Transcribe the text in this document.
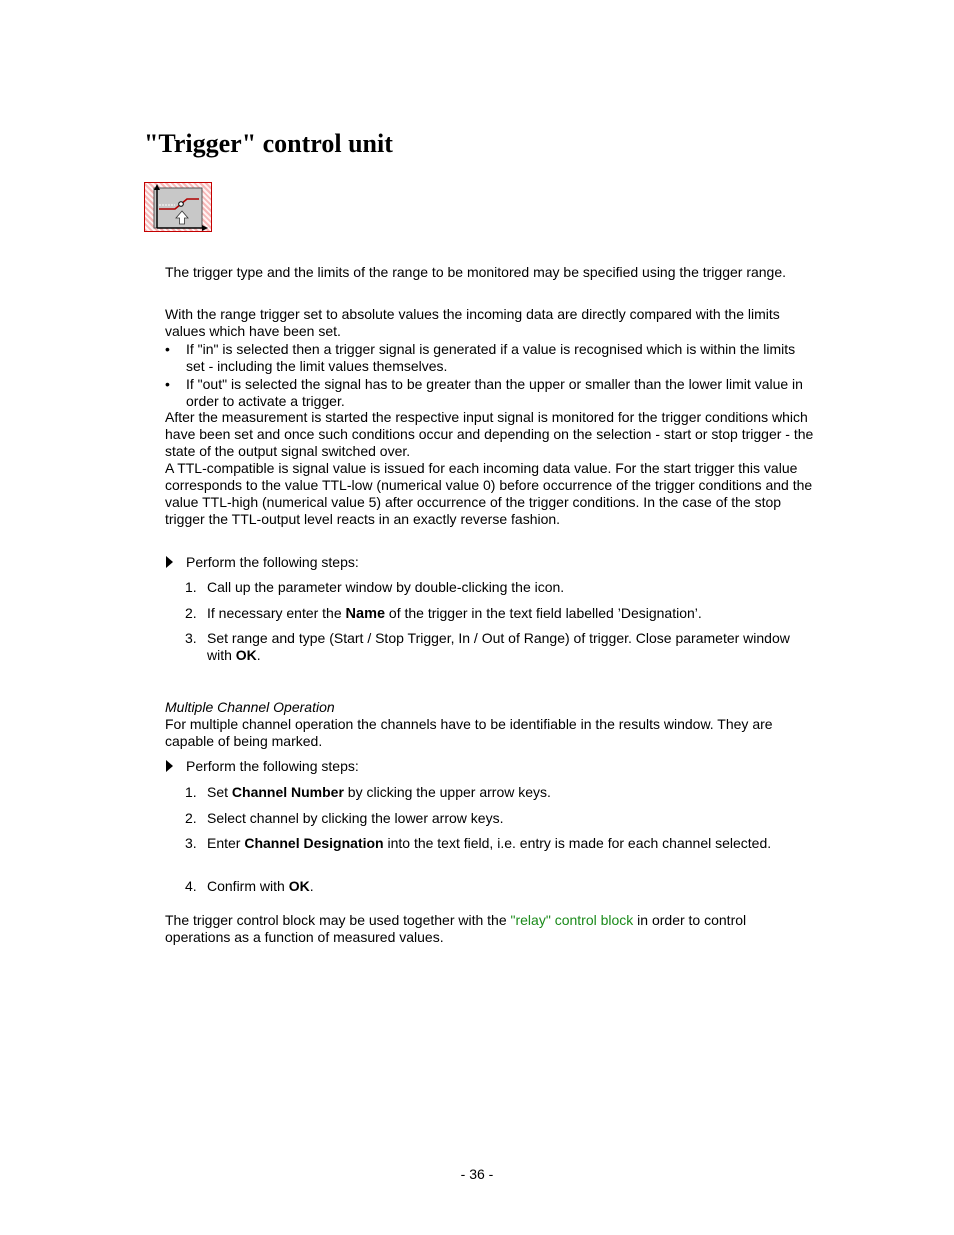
"Trigger" control unit

The trigger type and the limits of the range to be monitored may be specified using the trigger range.

With the range trigger set to absolute values the incoming data are directly compared with the limits values which have been set.

•	If "in" is selected then a trigger signal is generated if a value is recognised which is within the limits set - including the limit values themselves.
•	If "out" is selected the signal has to be greater than the upper or smaller than the lower limit value in order to activate a trigger.

After the measurement is started the respective input signal is monitored for the trigger conditions which have been set and once such conditions occur and depending on the selection - start or stop trigger - the state of the output signal switched over.

A TTL-compatible is signal value is issued for each incoming data value. For the start trigger this value corresponds to the value TTL-low (numerical value 0) before occurrence of the trigger conditions and the value TTL-high (numerical value 5) after occurrence of the trigger conditions. In the case of the stop trigger the TTL-output level reacts in an exactly reverse fashion.

Perform the following steps:
1. Call up the parameter window by double-clicking the icon.
2. If necessary enter the Name of the trigger in the text field labelled ’Designation’.
3. Set range and type (Start / Stop Trigger, In / Out of Range) of trigger. Close parameter window with OK.

Multiple Channel Operation

For multiple channel operation the channels have to be identifiable in the results window. They are capable of being marked.

Perform the following steps:
1. Set Channel Number by clicking the upper arrow keys.
2. Select channel by clicking the lower arrow keys.
3. Enter Channel Designation into the text field, i.e. entry is made for each channel selected.
4. Confirm with OK.

The trigger control block may be used together with the "relay" control block in order to control operations as a function of measured values.

- 36 -
